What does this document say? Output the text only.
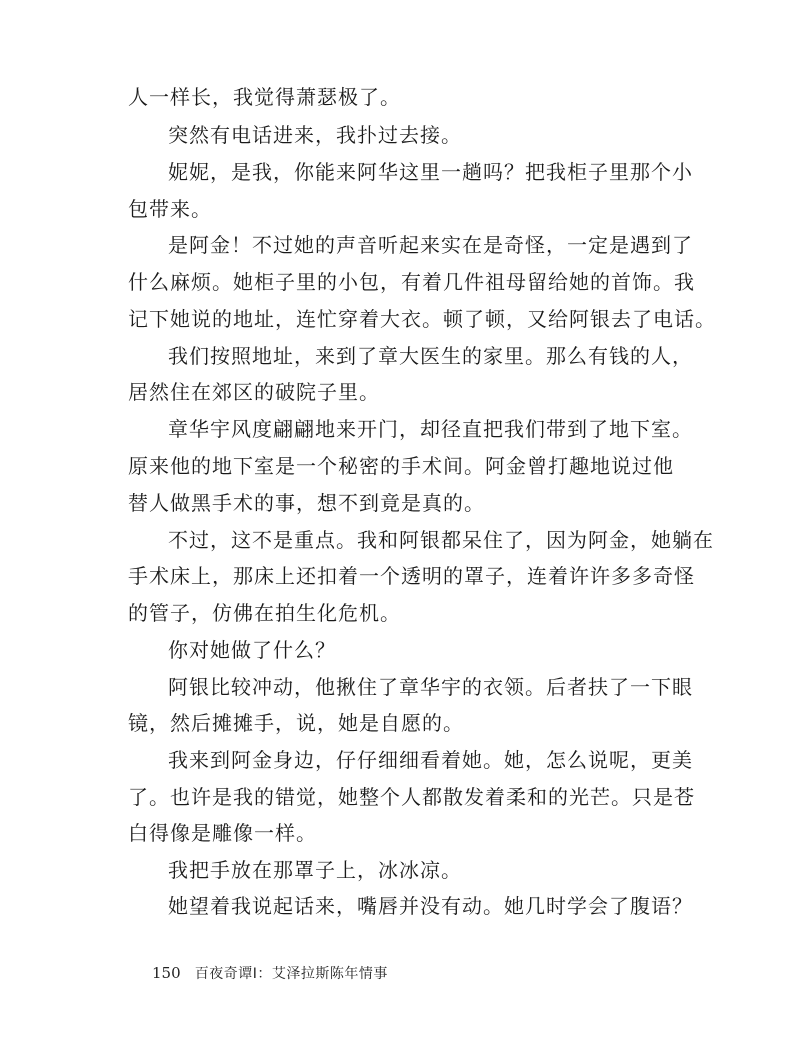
人一样长，我觉得萧瑟极了。
突然有电话进来，我扑过去接。
妮妮，是我，你能来阿华这里一趟吗？把我柜子里那个小
包带来。
是阿金！不过她的声音听起来实在是奇怪，一定是遇到了
什么麻烦。她柜子里的小包，有着几件祖母留给她的首饰。我
记下她说的地址，连忙穿着大衣。顿了顿，又给阿银去了电话。
我们按照地址，来到了章大医生的家里。那么有钱的人，
居然住在郊区的破院子里。
章华宇风度翩翩地来开门，却径直把我们带到了地下室。
原来他的地下室是一个秘密的手术间。阿金曾打趣地说过他
替人做黑手术的事，想不到竟是真的。
不过，这不是重点。我和阿银都呆住了，因为阿金，她躺在
手术床上，那床上还扣着一个透明的罩子，连着许许多多奇怪
的管子，仿佛在拍生化危机。
你对她做了什么？
阿银比较冲动，他揪住了章华宇的衣领。后者扶了一下眼
镜，然后摊摊手，说，她是自愿的。
我来到阿金身边，仔仔细细看着她。她，怎么说呢，更美
了。也许是我的错觉，她整个人都散发着柔和的光芒。只是苍
白得像是雕像一样。
我把手放在那罩子上，冰冰凉。
她望着我说起话来，嘴唇并没有动。她几时学会了腹语？
150 百夜奇谭Ⅰ：艾泽拉斯陈年情事
